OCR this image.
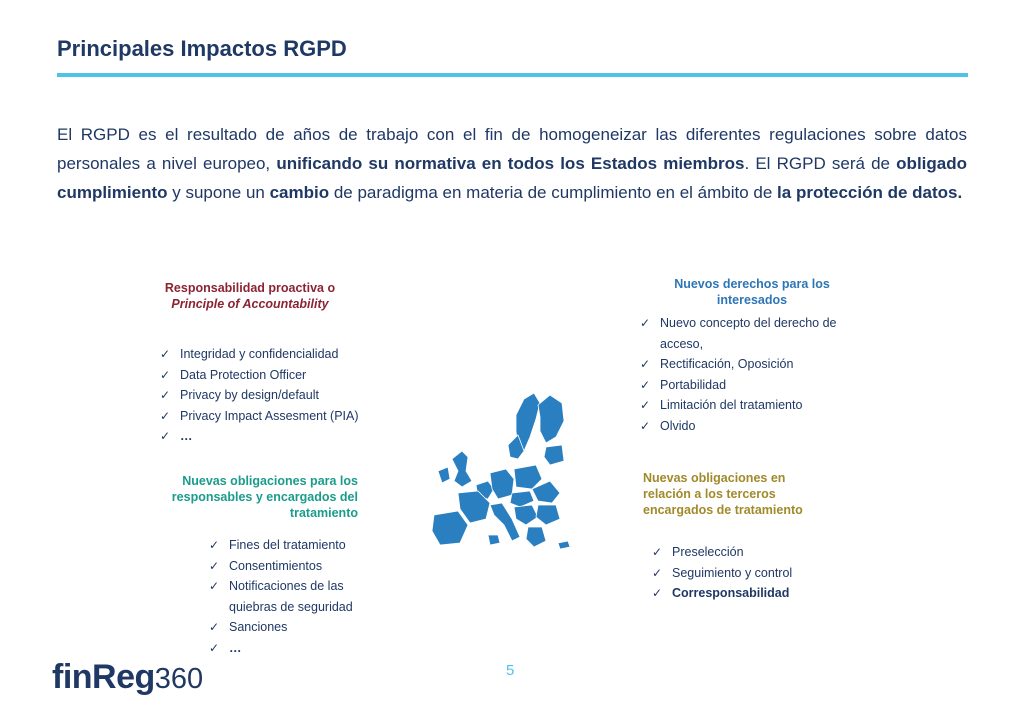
Principales Impactos RGPD

El RGPD es el resultado de años de trabajo con el fin de homogeneizar las diferentes regulaciones sobre datos personales a nivel europeo, unificando su normativa en todos los Estados miembros. El RGPD será de obligado cumplimiento y supone un cambio de paradigma en materia de cumplimiento en el ámbito de la protección de datos.

Responsabilidad proactiva o
Principle of Accountability
✓ Integridad y confidencialidad
✓ Data Protection Officer
✓ Privacy by design/default
✓ Privacy Impact Assesment (PIA)
✓ …
Nuevos derechos para los interesados
✓ Nuevo concepto del derecho de acceso,
✓ Rectificación, Oposición
✓ Portabilidad
✓ Limitación del tratamiento
✓ Olvido
Nuevas obligaciones para los responsables y encargados del tratamiento
✓ Fines del tratamiento
✓ Consentimientos
✓ Notificaciones de las quiebras de seguridad
✓ Sanciones
✓ …
Nuevas obligaciones en relación a los terceros encargados de tratamiento
✓ Preselección
✓ Seguimiento y control
✓ Corresponsabilidad
finReg360	5
